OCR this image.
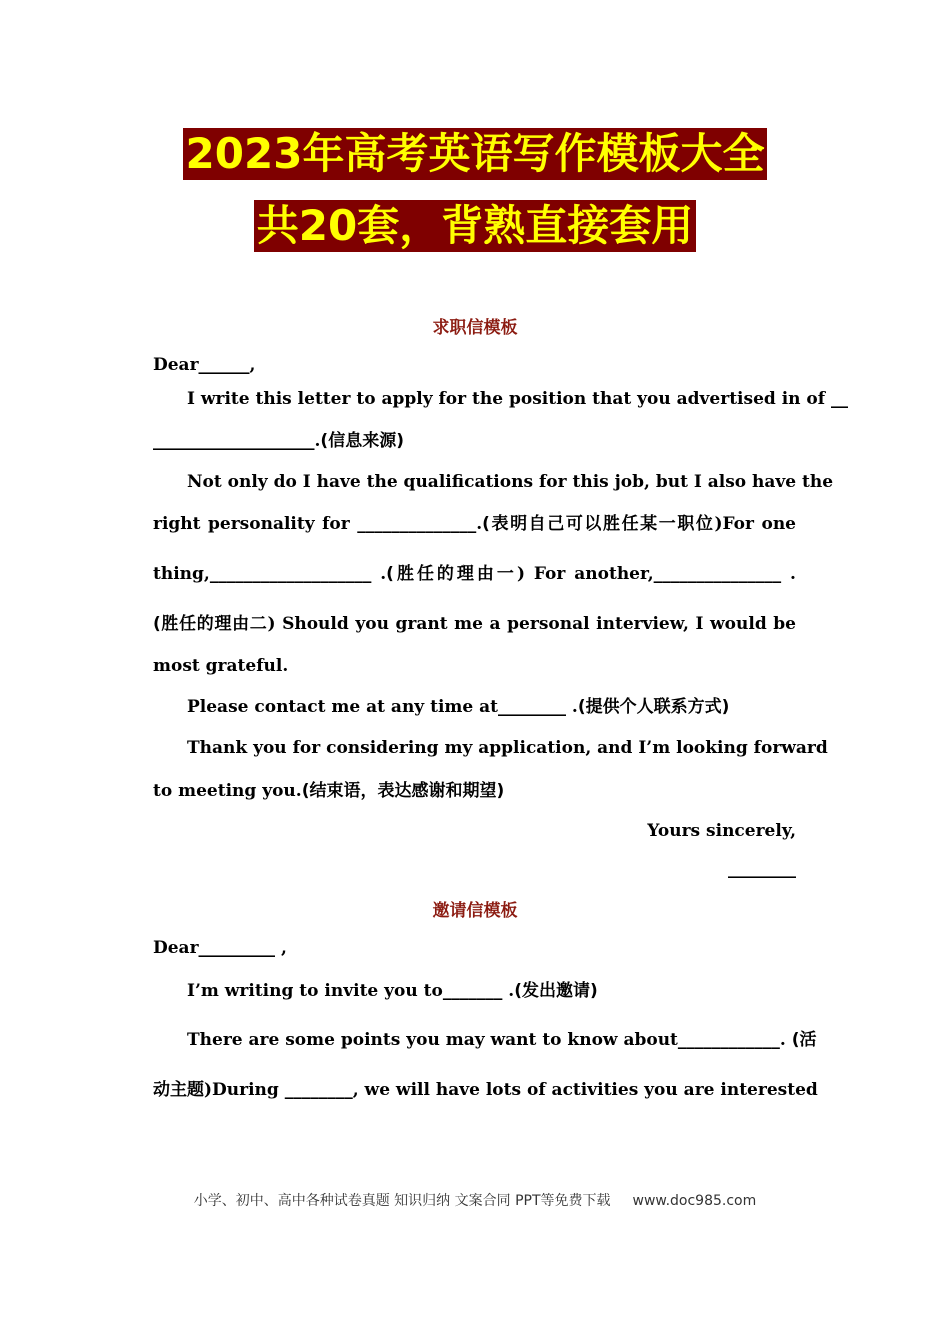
2023年高考英语写作模板大全
共20套，背熟直接套用
求职信模板
Dear______,
I write this letter to apply for the position that you advertised in of __
___________________.(信息来源)
Not only do I have the qualifications for this job, but I also have the
right personality for ______________.(表明自己可以胜任某一职位)For one
thing,___________________ .(胜任的理由一) For another,_______________ .
(胜任的理由二) Should you grant me a personal interview, I would be
most grateful.
Please contact me at any time at________ .(提供个人联系方式)
Thank you for considering my application, and I’m looking forward
to meeting you.(结束语，表达感谢和期望)
Yours sincerely,
________
邀请信模板
Dear_________ ,
I’m writing to invite you to_______ .(发出邀请)
There are some points you may want to know about____________. (活
动主题)During ________, we will have lots of activities you are interested
小学、初中、高中各种试卷真题 知识归纳 文案合同 PPT等免费下载 www.doc985.com
